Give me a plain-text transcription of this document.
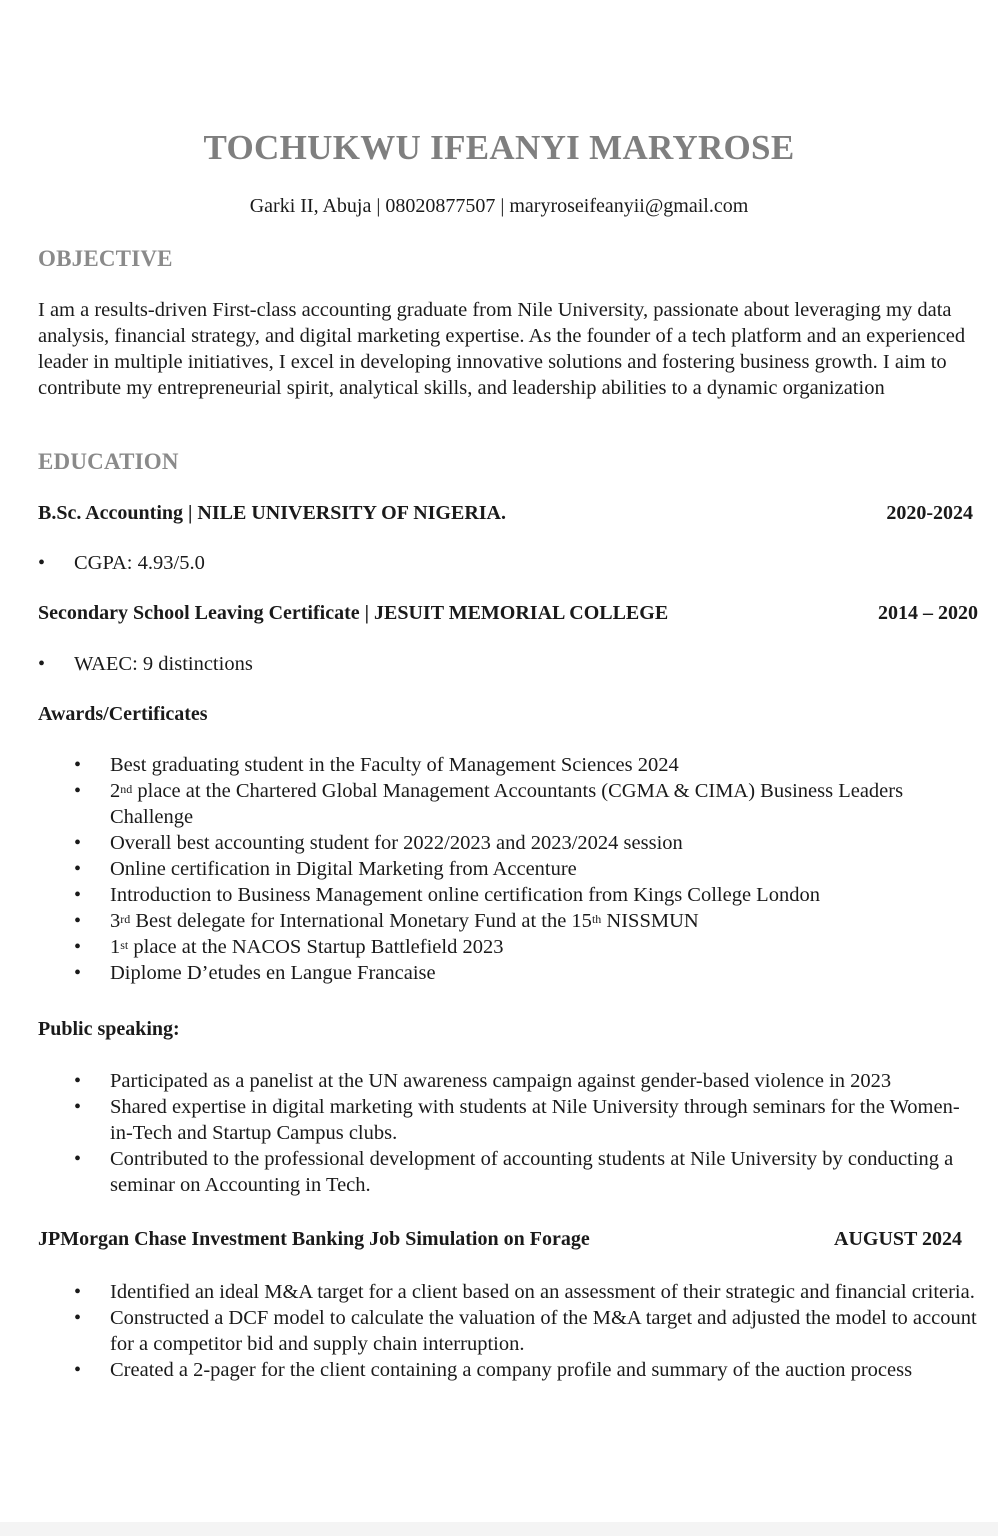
TOCHUKWU IFEANYI MARYROSE
Garki II, Abuja | 08020877507 | maryroseifeanyii@gmail.com
OBJECTIVE

I am a results-driven First-class accounting graduate from Nile University, passionate about leveraging my data analysis, financial strategy, and digital marketing expertise. As the founder of a tech platform and an experienced leader in multiple initiatives, I excel in developing innovative solutions and fostering business growth. I aim to contribute my entrepreneurial spirit, analytical skills, and leadership abilities to a dynamic organization

EDUCATION
B.Sc. Accounting | NILE UNIVERSITY OF NIGERIA.	2020-2024
• CGPA: 4.93/5.0
Secondary School Leaving Certificate | JESUIT MEMORIAL COLLEGE	2014 – 2020
• WAEC: 9 distinctions
Awards/Certificates
• Best graduating student in the Faculty of Management Sciences 2024
• 2nd place at the Chartered Global Management Accountants (CGMA & CIMA) Business Leaders Challenge
• Overall best accounting student for 2022/2023 and 2023/2024 session
• Online certification in Digital Marketing from Accenture
• Introduction to Business Management online certification from Kings College London
• 3rd Best delegate for International Monetary Fund at the 15th NISSMUN
• 1st place at the NACOS Startup Battlefield 2023
• Diplome D’etudes en Langue Francaise
Public speaking:
• Participated as a panelist at the UN awareness campaign against gender-based violence in 2023
• Shared expertise in digital marketing with students at Nile University through seminars for the Women-in-Tech and Startup Campus clubs.
• Contributed to the professional development of accounting students at Nile University by conducting a seminar on Accounting in Tech.
JPMorgan Chase Investment Banking Job Simulation on Forage	AUGUST 2024
• Identified an ideal M&A target for a client based on an assessment of their strategic and financial criteria.
• Constructed a DCF model to calculate the valuation of the M&A target and adjusted the model to account for a competitor bid and supply chain interruption.
• Created a 2-pager for the client containing a company profile and summary of the auction process
